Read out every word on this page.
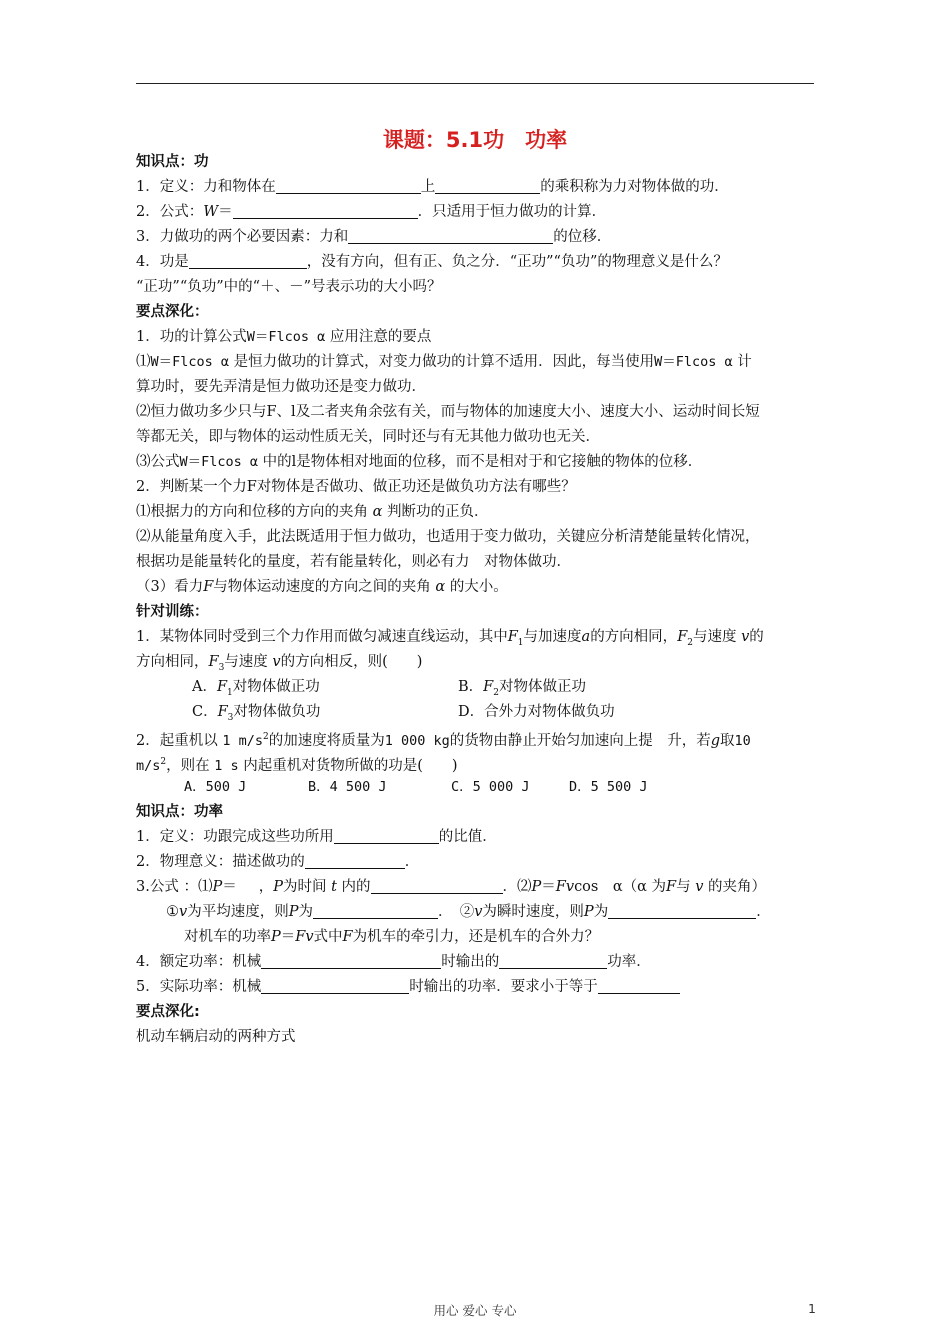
课题：5.1功　功率
知识点：功
1．定义：力和物体在	上	的乘积称为力对物体做的功．
2．公式：W＝	．只适用于恒力做功的计算．
3．力做功的两个必要因素：力和	的位移．
4．功是	，没有方向，但有正、负之分．“正功”“负功”的物理意义是什么？
“正功”“负功”中的“＋、－”号表示功的大小吗？
要点深化：
1．功的计算公式W＝Flcos α 应用注意的要点
⑴W＝Flcos α 是恒力做功的计算式，对变力做功的计算不适用．因此，每当使用W＝Flcos α 计
算功时，要先弄清是恒力做功还是变力做功．
⑵恒力做功多少只与F、l及二者夹角余弦有关，而与物体的加速度大小、速度大小、运动时间长短
等都无关，即与物体的运动性质无关，同时还与有无其他力做功也无关．
⑶公式W＝Flcos α 中的l是物体相对地面的位移，而不是相对于和它接触的物体的位移．
2．判断某一个力F对物体是否做功、做正功还是做负功方法有哪些？
⑴根据力的方向和位移的方向的夹角 α 判断功的正负．
⑵从能量角度入手，此法既适用于恒力做功，也适用于变力做功，关键应分析清楚能量转化情况，
根据功是能量转化的量度，若有能量转化，则必有力　对物体做功．
（3）看力F与物体运动速度的方向之间的夹角 α 的大小。
针对训练：
1．某物体同时受到三个力作用而做匀减速直线运动，其中$F_1$与加速度a的方向相同，$F_2$与速度 v的
方向相同，$F_3$与速度 v的方向相反，则(　　)
A．$F_1$对物体做正功	B．$F_2$对物体做正功
C．$F_3$对物体做负功	D．合外力对物体做负功
2．起重机以 1 $m/s^2$的加速度将质量为1 000 kg的货物由静止开始匀加速向上提　升，若g取10
$m/s^2$，则在 1 s 内起重机对货物所做的功是(　　)
A．500 J	B．4 500 J	C．5 000 J	D．5 500 J
知识点：功率
1．定义：功跟完成这些功所用	的比值．
2．物理意义：描述做功的	．
3.公式 ：⑴P＝ ，P为时间 t 内的	．⑵P＝Fvcos　α（α 为F与 v 的夹角）
①v为平均速度，则P为	．　②v为瞬时速度，则P为	．
对机车的功率P＝Fv式中F为机车的牵引力，还是机车的合外力？
4．额定功率：机械	时输出的	功率．
5．实际功率：机械	时输出的功率．要求小于等于
要点深化:
机动车辆启动的两种方式
用心 爱心 专心	1
